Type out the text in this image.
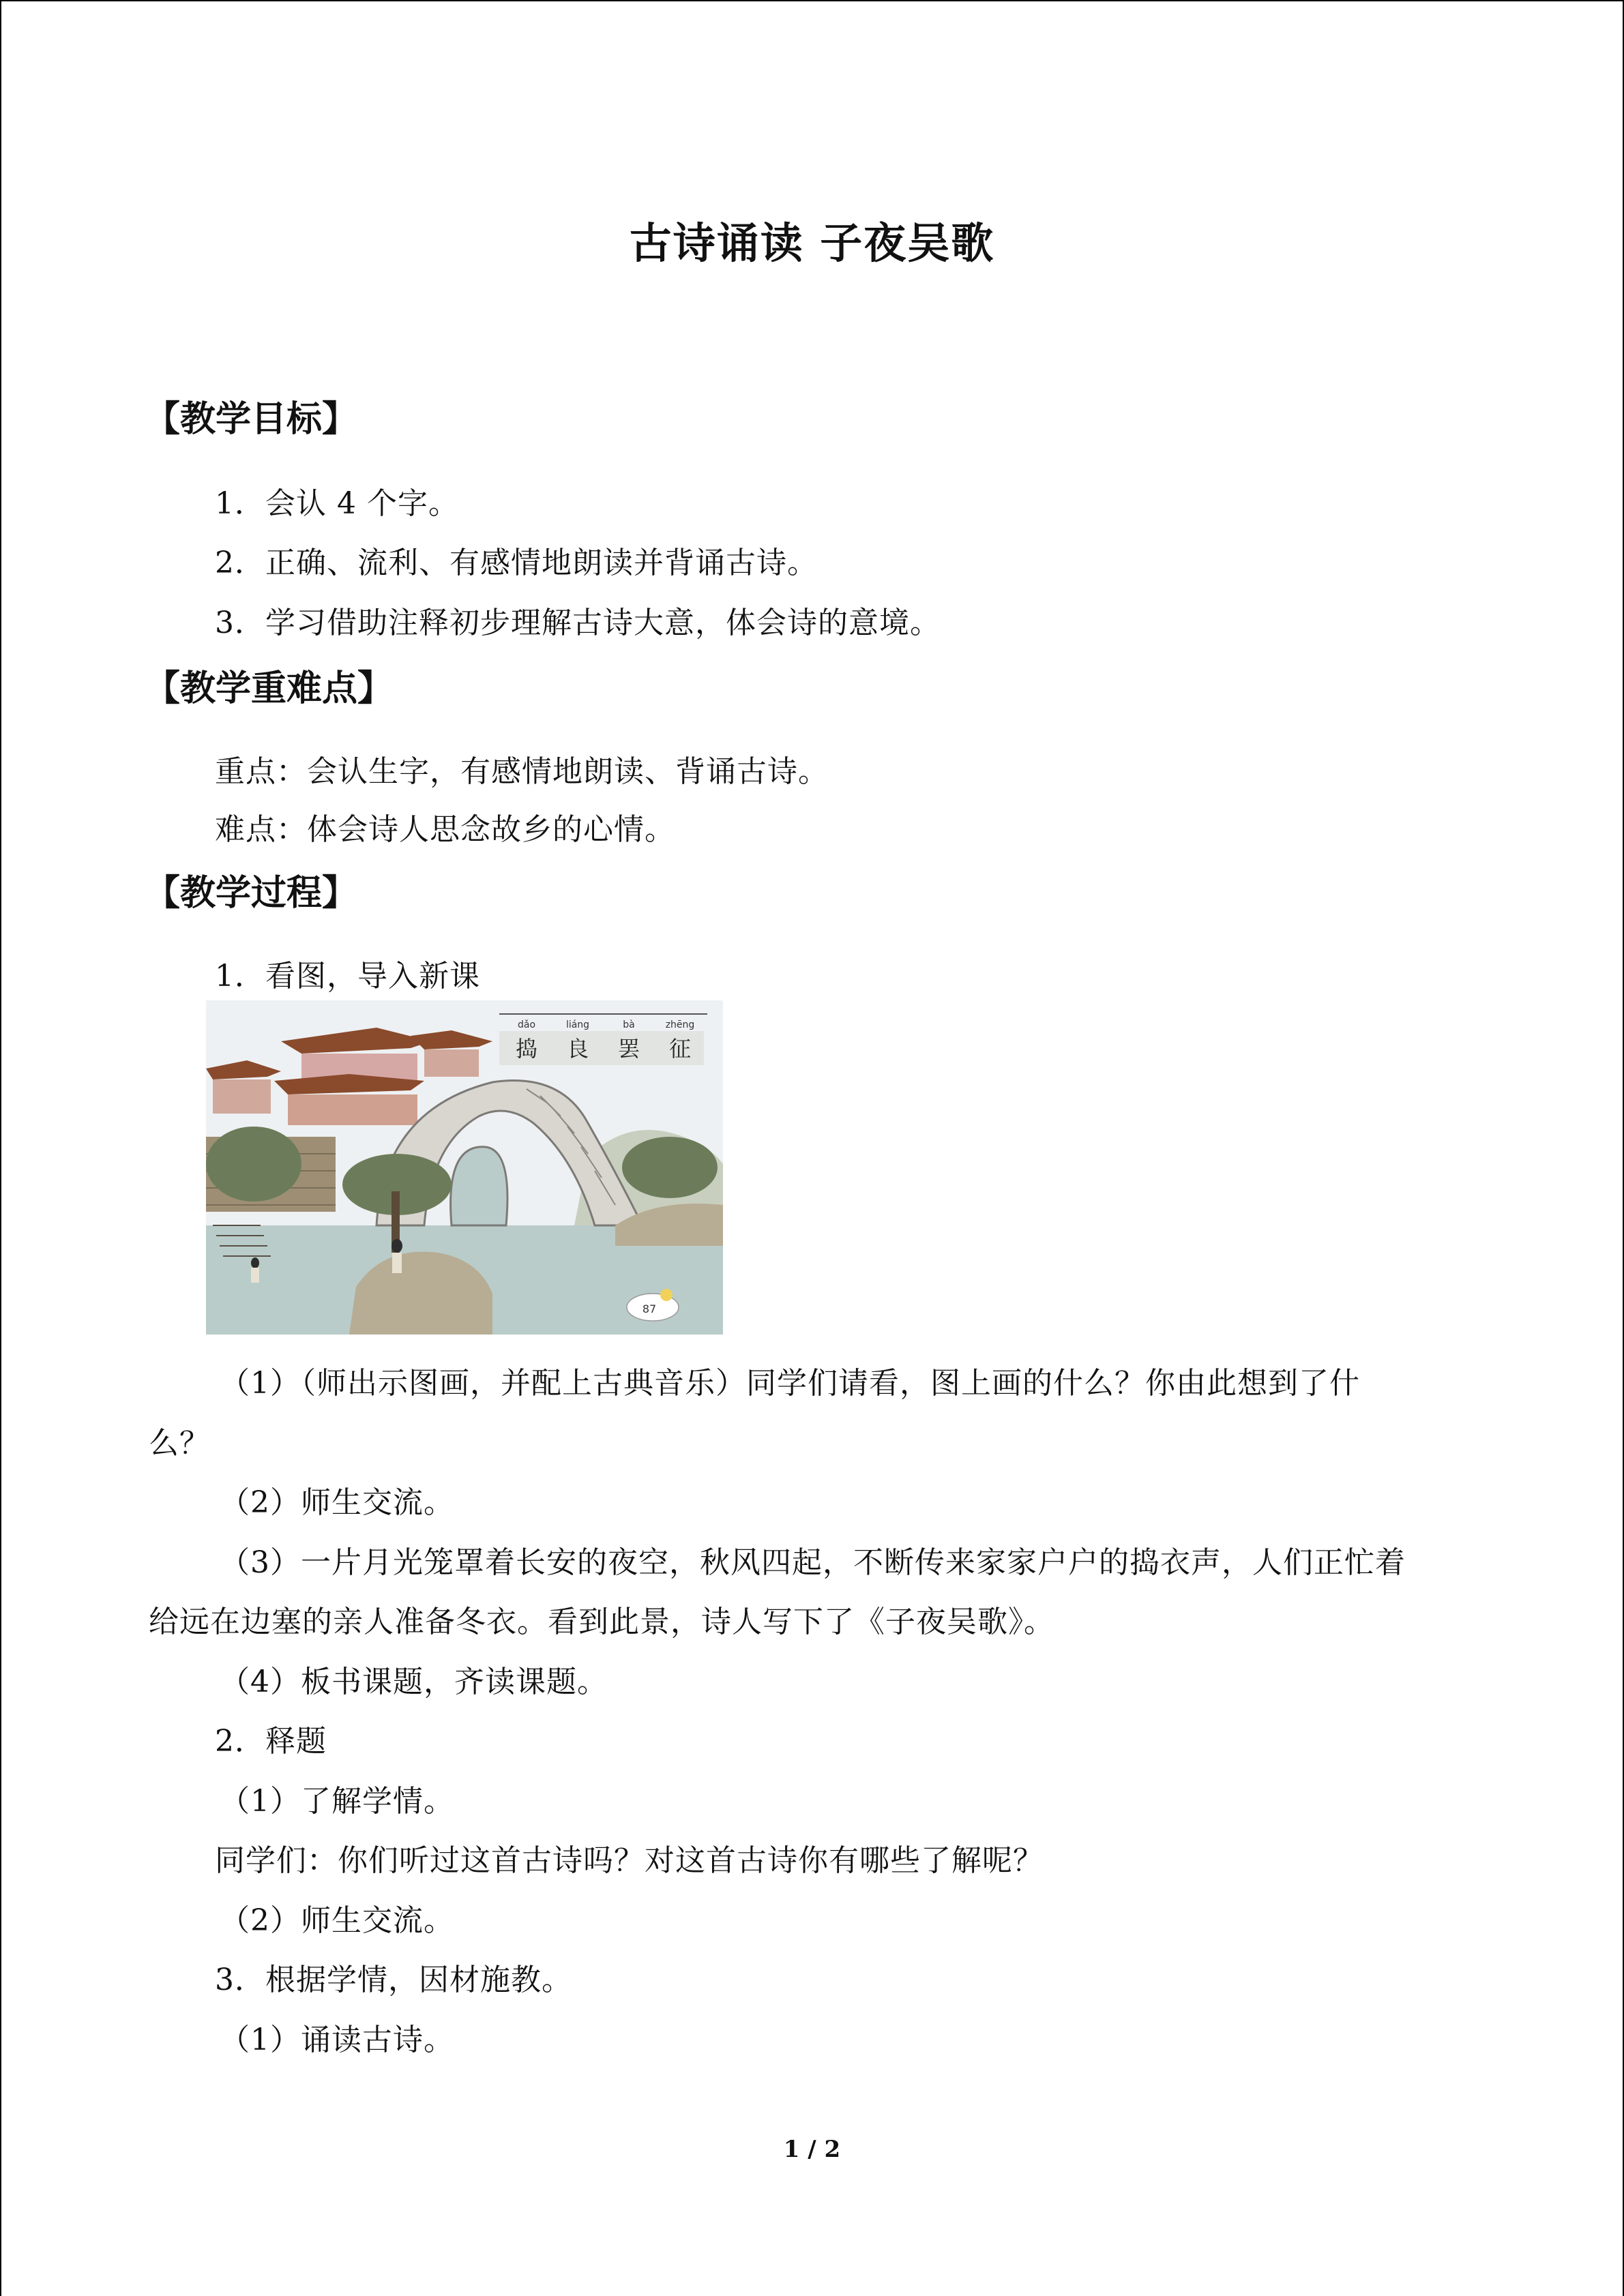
古诗诵读 子夜吴歌
【教学目标】
1．会认 4 个字。
2．正确、流利、有感情地朗读并背诵古诗。
3．学习借助注释初步理解古诗大意，体会诗的意境。
【教学重难点】
重点：会认生字，有感情地朗读、背诵古诗。
难点：体会诗人思念故乡的心情。
【教学过程】
1．看图，导入新课
dǎo	liáng	bà	zhēng
捣 良 罢 征
87
（1）（师出示图画，并配上古典音乐）同学们请看，图上画的什么？你由此想到了什
么？
（2）师生交流。
（3）一片月光笼罩着长安的夜空，秋风四起，不断传来家家户户的捣衣声，人们正忙着
给远在边塞的亲人准备冬衣。看到此景，诗人写下了《子夜吴歌》。
（4）板书课题，齐读课题。
2．释题
（1）了解学情。
同学们：你们听过这首古诗吗？对这首古诗你有哪些了解呢？
（2）师生交流。
3．根据学情，因材施教。
（1）诵读古诗。
1 / 2
